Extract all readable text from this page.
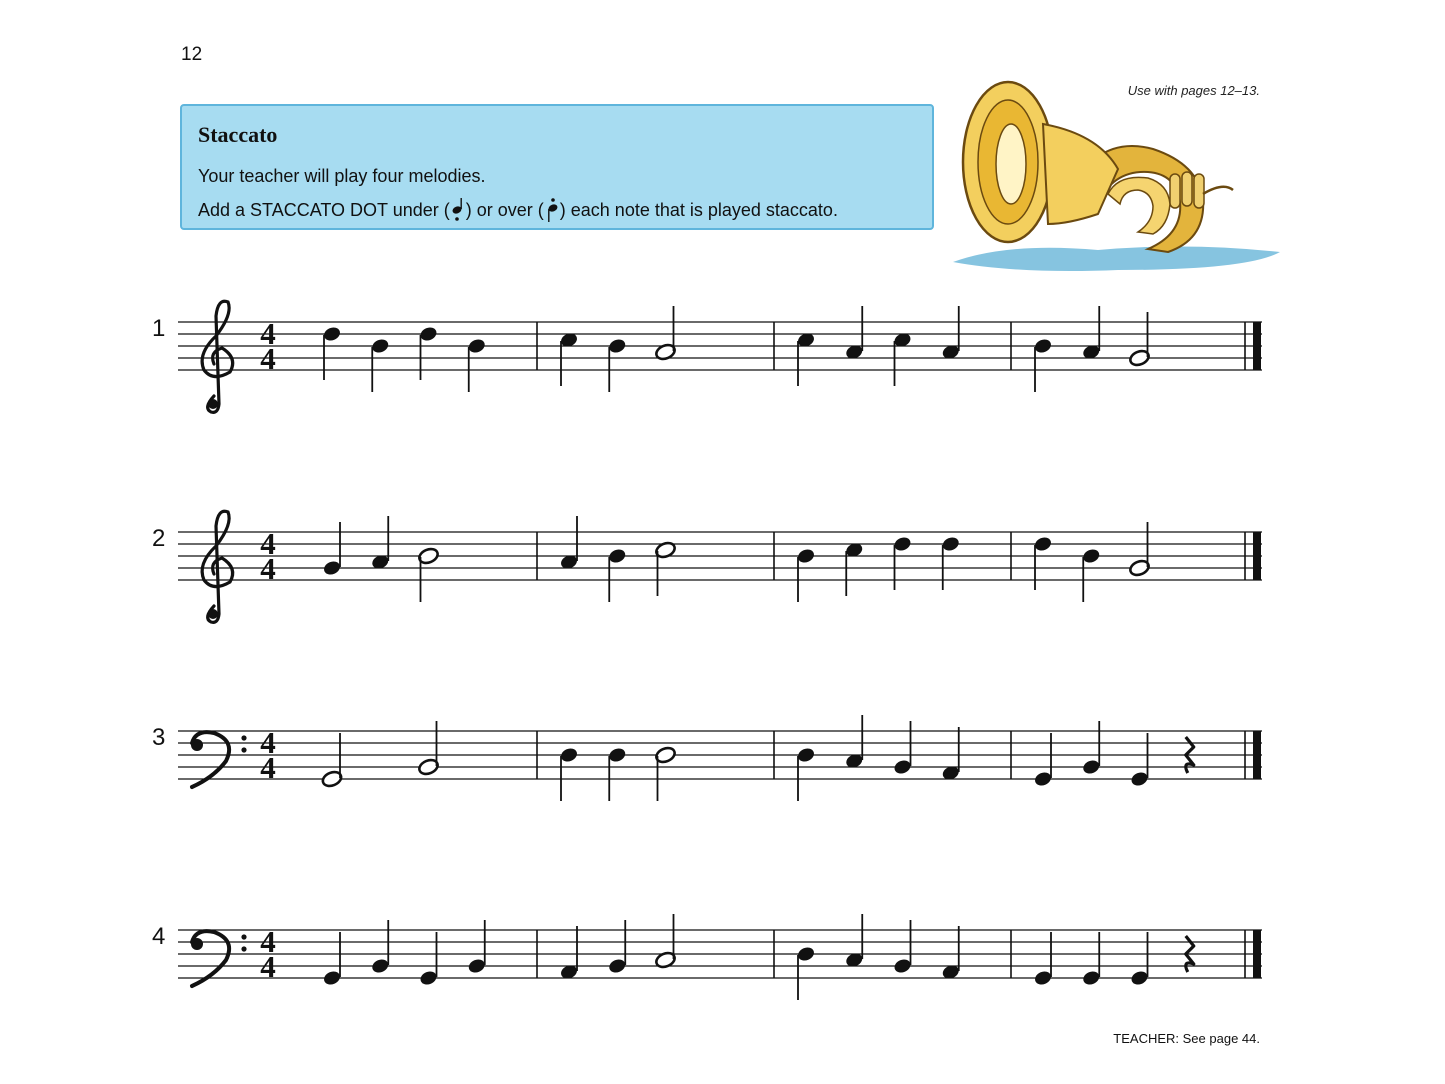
12
Use with pages 12–13.
Staccato
Your teacher will play four melodies.
Add a STACCATO DOT under ( ) or over ( ) each note that is played staccato.
1	4
4
2	4
4
3	4
4
4	4
4
TEACHER: See page 44.
